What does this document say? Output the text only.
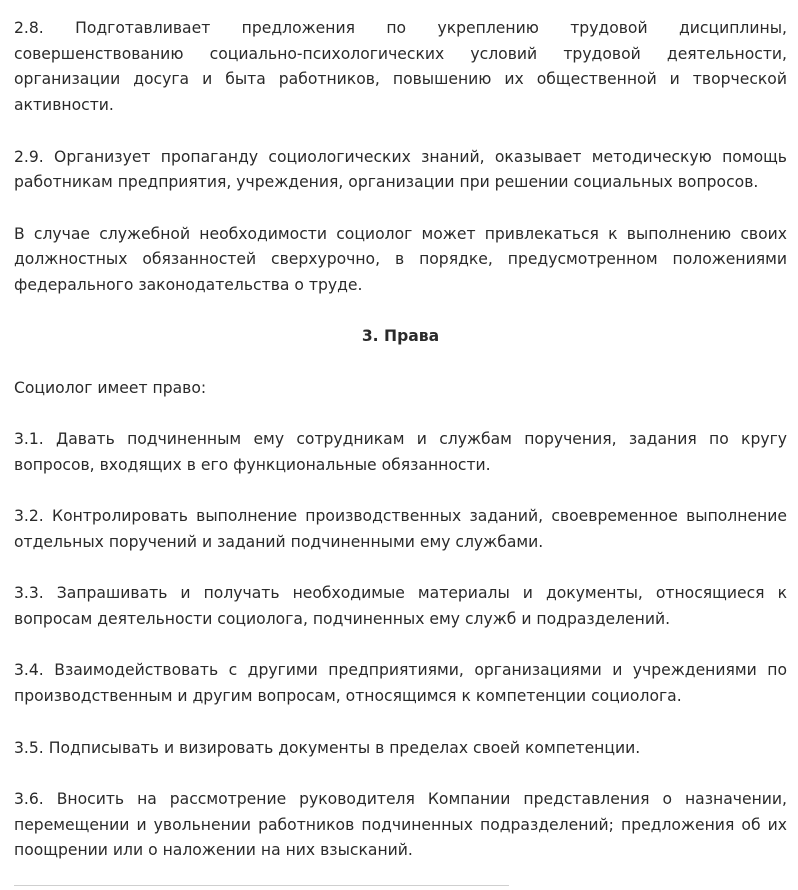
2.8. Подготавливает предложения по укреплению трудовой дисциплины, совершенствованию социально-психологических условий трудовой деятельности, организации досуга и быта работников, повышению их общественной и творческой активности.

2.9. Организует пропаганду социологических знаний, оказывает методическую помощь работникам предприятия, учреждения, организации при решении социальных вопросов.

В случае служебной необходимости социолог может привлекаться к выполнению своих должностных обязанностей сверхурочно, в порядке, предусмотренном положениями федерального законодательства о труде.

3. Права

Социолог имеет право:

3.1. Давать подчиненным ему сотрудникам и службам поручения, задания по кругу вопросов, входящих в его функциональные обязанности.

3.2. Контролировать выполнение производственных заданий, своевременное выполнение отдельных поручений и заданий подчиненными ему службами.

3.3. Запрашивать и получать необходимые материалы и документы, относящиеся к вопросам деятельности социолога, подчиненных ему служб и подразделений.

3.4. Взаимодействовать с другими предприятиями, организациями и учреждениями по производственным и другим вопросам, относящимся к компетенции социолога.

3.5. Подписывать и визировать документы в пределах своей компетенции.

3.6. Вносить на рассмотрение руководителя Компании представления о назначении, перемещении и увольнении работников подчиненных подразделений; предложения об их поощрении или о наложении на них взысканий.
